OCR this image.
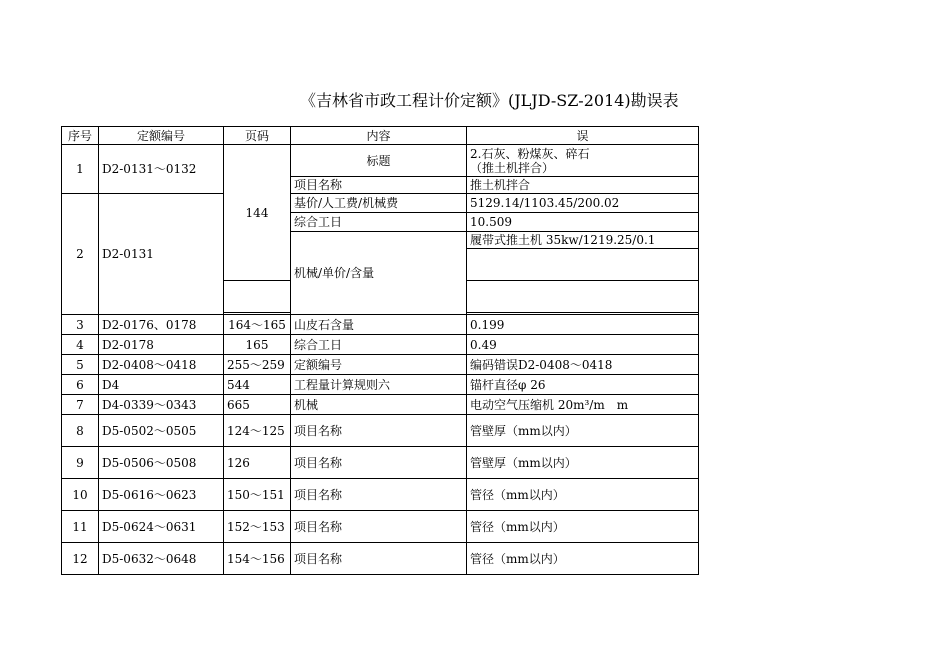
《吉林省市政工程计价定额》(JLJD-SZ-2014)勘误表
序号	定额编号	页码	内容	误
1	D2-0131～0132	144	标题	2.石灰、粉煤灰、碎石
（推土机拌合）

			项目名称	推土机拌合
2	D2-0131		基价/人工费/机械费	5129.14/1103.45/200.02
			综合工日	10.509
			机械/单价/含量	履带式推土机 35kw/1219.25/0.1

3	D2-0176、0178	164～165	山皮石含量	0.199
4	D2-0178	165	综合工日	0.49
5	D2-0408～0418	255～259	定额编号	编码错误D2-0408～0418
6	D4	544	工程量计算规则六	锚杆直径φ 26
7	D4-0339～0343	665	机械	电动空气压缩机 20m³/m　m
8	D5-0502～0505	124～125	项目名称	管壁厚（mm以内）
9	D5-0506～0508	126	项目名称	管壁厚（mm以内）
10	D5-0616～0623	150～151	项目名称	管径（mm以内）
11	D5-0624～0631	152～153	项目名称	管径（mm以内）
12	D5-0632～0648	154～156	项目名称	管径（mm以内）
